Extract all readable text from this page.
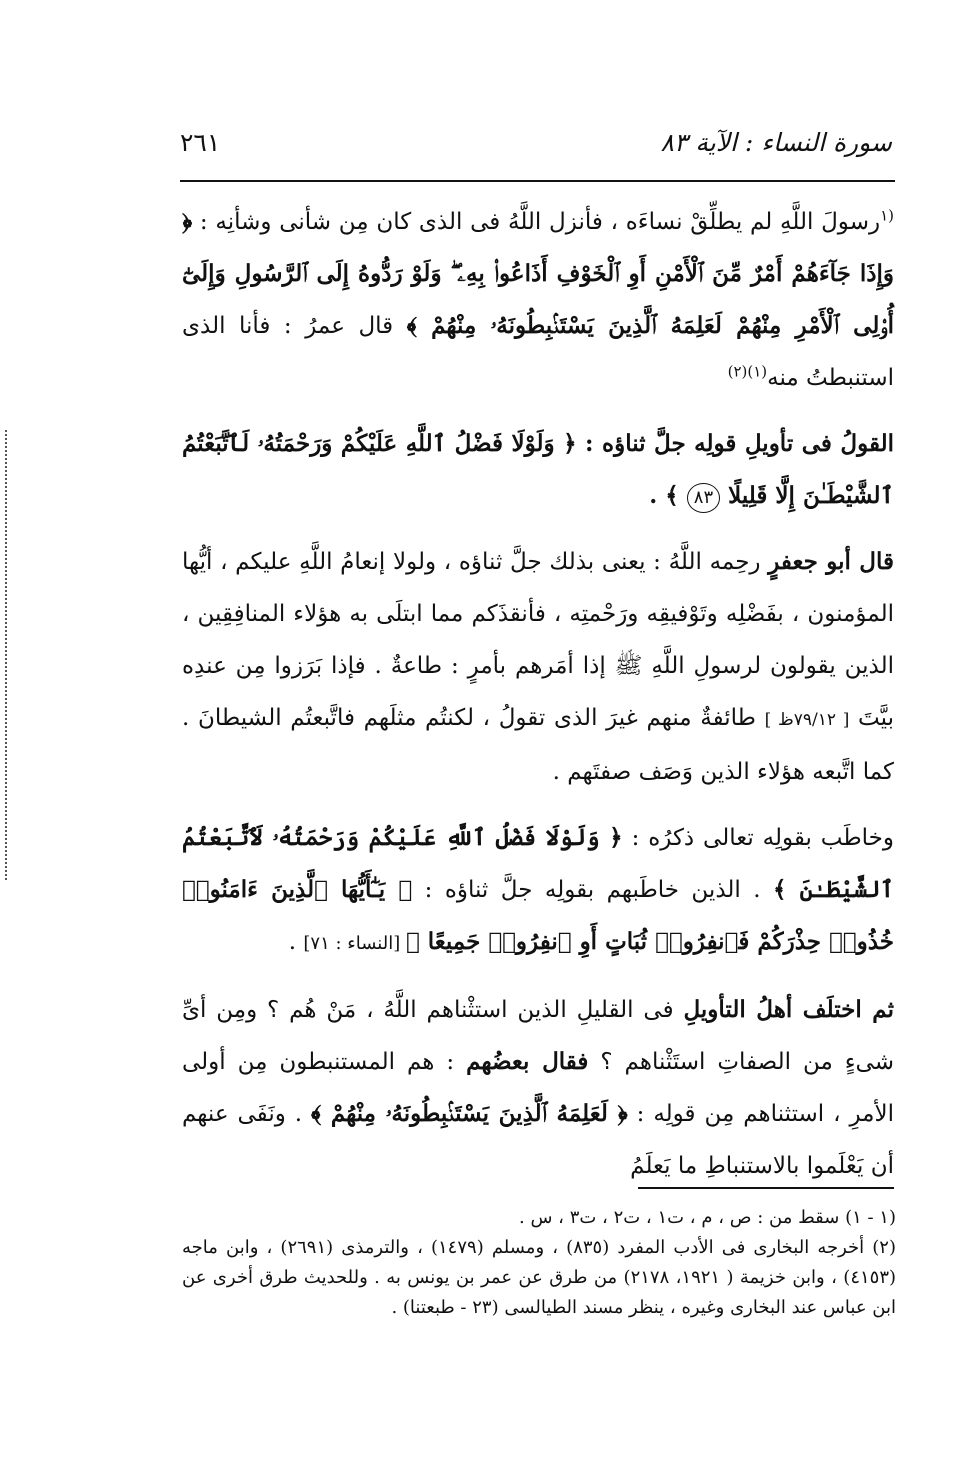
٢٦١	سورة النساء : الآية ٨٣

$^{(١}$رسولَ اللَّهِ لم يطلِّقْ نساءَه ، فأنزل اللَّهُ فى الذى كان مِن شأنى وشأنِه : ﴿ وَإِذَا جَآءَهُمْ أَمْرٌ مِّنَ ٱلْأَمْنِ أَوِ ٱلْخَوْفِ أَذَاعُوا۟ بِهِۦ ۖ وَلَوْ رَدُّوهُ إِلَى ٱلرَّسُولِ وَإِلَىٰٓ أُو۟لِى ٱلْأَمْرِ مِنْهُمْ لَعَلِمَهُ ٱلَّذِينَ يَسْتَنۢبِطُونَهُۥ مِنْهُمْ ﴾ قال عمرُ : فأنا الذى استنبطتُ منه$^{(١)(٢)}$

القولُ فى تأويلِ قولِه جلَّ ثناؤه : ﴿ وَلَوْلَا فَضْلُ ٱللَّهِ عَلَيْكُمْ وَرَحْمَتُهُۥ لَٱتَّبَعْتُمُ ٱلشَّيْطَـٰنَ إِلَّا قَلِيلًا ٨٣ ﴾ .

قال أبو جعفرٍ رحِمه اللَّهُ : يعنى بذلك جلَّ ثناؤه ، ولولا إنعامُ اللَّهِ عليكم ، أيُّها المؤمنون ، بفَضْلِه وتَوْفيقِه ورَحْمتِه ، فأنقذَكم مما ابتلَى به هؤلاء المنافِقِين ، الذين يقولون لرسولِ اللَّهِ ﷺ إذا أمَرهم بأمرٍ : طاعةٌ . فإذا بَرَزوا مِن عندِه بيَّتَ [ ٧٩/١٢ظ ] طائفةٌ منهم غيرَ الذى تقولُ ، لكنتُم مثلَهم فاتَّبعتُم الشيطانَ . كما اتَّبعه هؤلاء الذين وَصَف صفتَهم .

وخاطَب بقولِه تعالى ذكرُه : ﴿ وَلَوْلَا فَضْلُ ٱللَّهِ عَلَيْكُمْ وَرَحْمَتُهُۥ لَٱتَّبَعْتُمُ ٱلشَّيْطَـٰنَ ﴾ . الذين خاطَبهم بقولِه جلَّ ثناؤه : ﴿ يَـٰٓأَيُّهَا ٱلَّذِينَ ءَامَنُوا۟ خُذُوا۟ حِذْرَكُمْ فَٱنفِرُوا۟ ثُبَاتٍ أَوِ ٱنفِرُوا۟ جَمِيعًا ﴾ [النساء : ٧١] .

ثم اختلَف أهلُ التأويلِ فى القليلِ الذين استثْناهم اللَّهُ ، مَنْ هُم ؟ ومِن أىِّ شىءٍ من الصفاتِ استَثْناهم ؟ فقال بعضُهم : هم المستنبطون مِن أولى الأمرِ ، استثناهم مِن قولِه : ﴿ لَعَلِمَهُ ٱلَّذِينَ يَسْتَنۢبِطُونَهُۥ مِنْهُمْ ﴾ . ونَفَى عنهم أن يَعْلَموا بالاستنباطِ ما يَعلَمُ

(١ - ١) سقط من : ص ، م ، ت١ ، ت٢ ، ت٣ ، س .

(٢) أخرجه البخارى فى الأدب المفرد (٨٣٥) ، ومسلم (١٤٧٩) ، والترمذى (٢٦٩١) ، وابن ماجه (٤١٥٣) ، وابن خزيمة ( ١٩٢١، ٢١٧٨) من طرق عن عمر بن يونس به . وللحديث طرق أخرى عن ابن عباس عند البخارى وغيره ، ينظر مسند الطيالسى (٢٣ - طبعتنا) .
